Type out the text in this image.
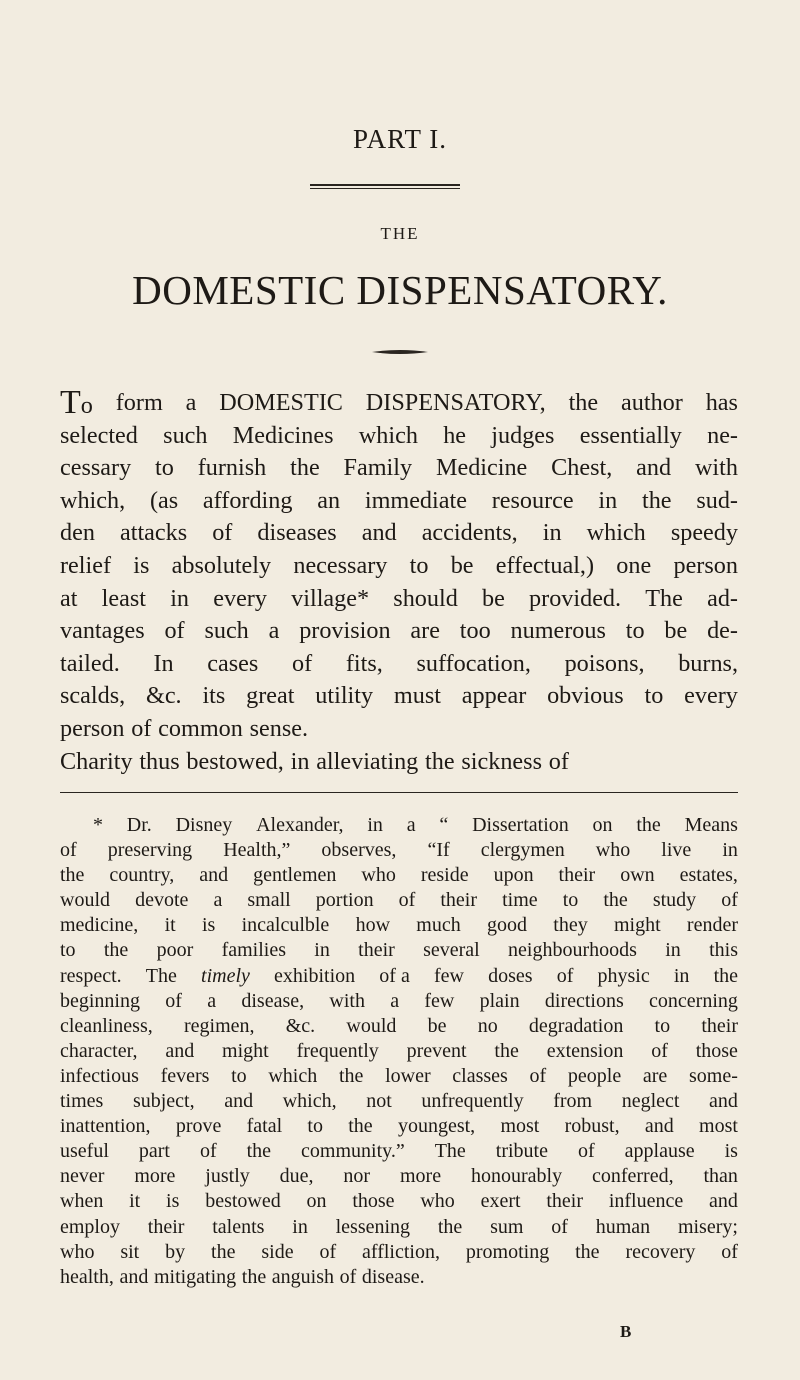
PART I.
THE
DOMESTIC DISPENSATORY.
To form a DOMESTIC DISPENSATORY, the author has
selected such Medicines which he judges essentially ne-
cessary to furnish the Family Medicine Chest, and with
which, (as affording an immediate resource in the sud-
den attacks of diseases and accidents, in which speedy
relief is absolutely necessary to be effectual,) one person
at least in every village* should be provided. The ad-
vantages of such a provision are too numerous to be de-
tailed. In cases of fits, suffocation, poisons, burns,
scalds, &c. its great utility must appear obvious to every
person of common sense.
Charity thus bestowed, in alleviating the sickness of
* Dr. Disney Alexander, in a “ Dissertation on the Means
of preserving Health,” observes, “If clergymen who live in
the country, and gentlemen who reside upon their own estates,
would devote a small portion of their time to the study of
medicine, it is incalculble how much good they might render
to the poor families in their several neighbourhoods in this
respect. The timely exhibition of a few doses of physic in the
beginning of a disease, with a few plain directions concerning
cleanliness, regimen, &c. would be no degradation to their
character, and might frequently prevent the extension of those
infectious fevers to which the lower classes of people are some-
times subject, and which, not unfrequently from neglect and
inattention, prove fatal to the youngest, most robust, and most
useful part of the community.” The tribute of applause is
never more justly due, nor more honourably conferred, than
when it is bestowed on those who exert their influence and
employ their talents in lessening the sum of human misery;
who sit by the side of affliction, promoting the recovery of
health, and mitigating the anguish of disease.
B
